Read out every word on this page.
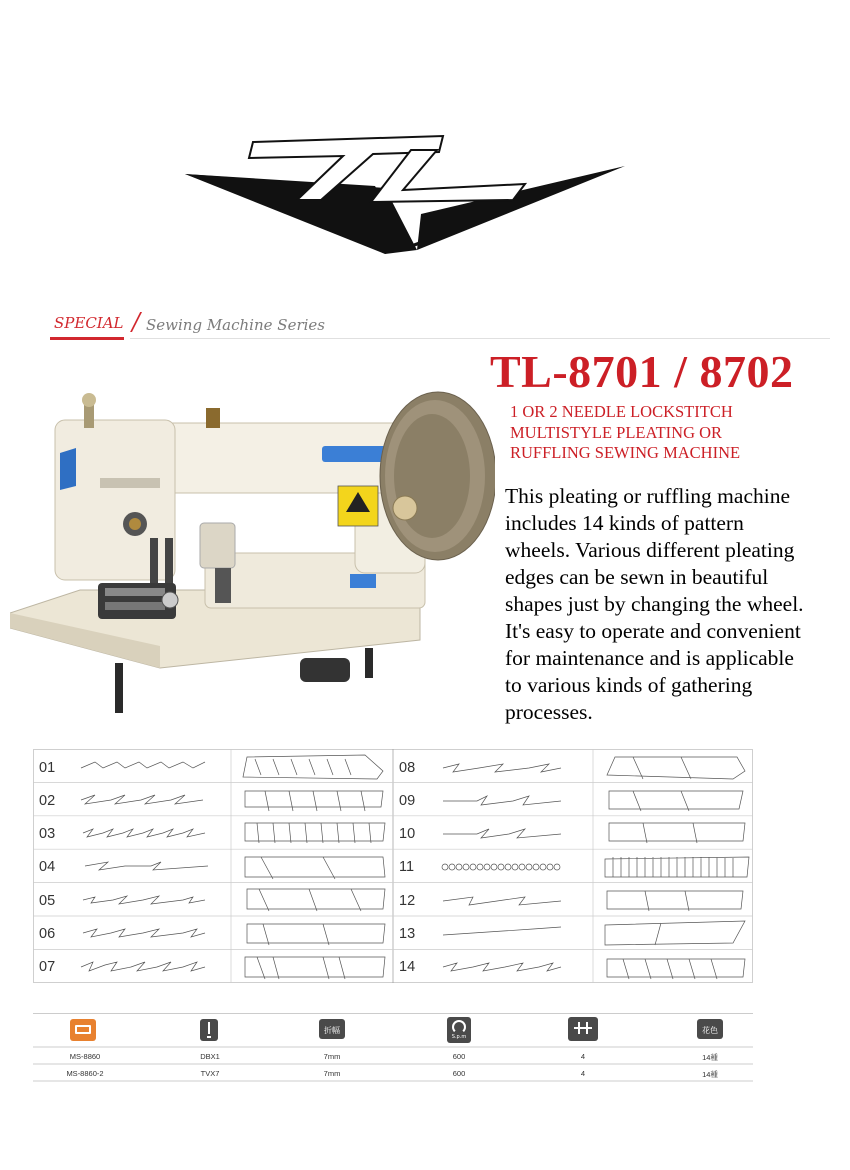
SPECIAL / Sewing Machine Series
TL-8701 / 8702
1 OR 2 NEEDLE LOCKSTITCH
MULTISTYLE PLEATING OR
RUFFLING SEWING MACHINE
This pleating or ruffling machine
includes 14 kinds of pattern
wheels. Various different pleating
edges can be sewn in beautiful
shapes just by changing the wheel.
It's easy to operate and convenient
for maintenance and is applicable
to various kinds of gathering
processes.
01
02
03
04
05
06
07
08
09
10
11
12
13
14
折幅
S.p.m
花色
MS-8860	DBX1	7mm	600	4	14種
MS-8860-2	TVX7	7mm	600	4	14種
